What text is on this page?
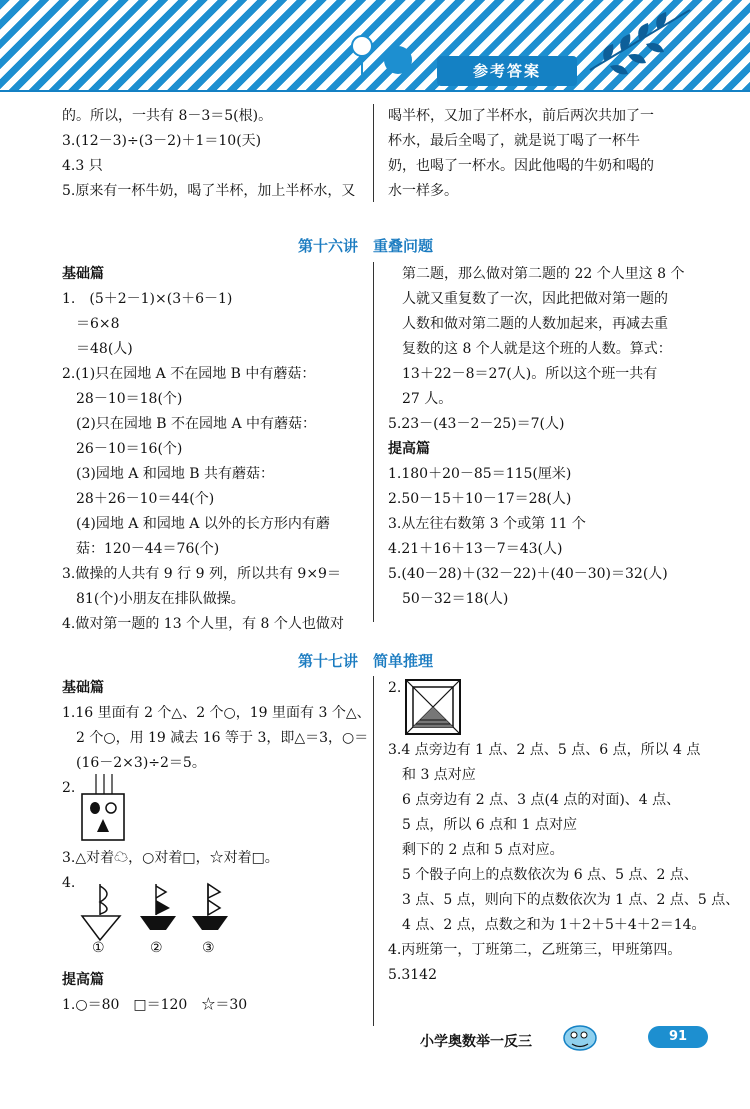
参考答案
的。所以，一共有 8－3＝5(根)。
3.(12－3)÷(3－2)＋1＝10(天)
4.3 只
5.原来有一杯牛奶，喝了半杯，加上半杯水，又
喝半杯，又加了半杯水，前后两次共加了一
杯水，最后全喝了，就是说丁喝了一杯牛
奶，也喝了一杯水。因此他喝的牛奶和喝的
水一样多。
第十六讲　重叠问题
基础篇
1.　(5＋2－1)×(3＋6－1)
　＝6×8
　＝48(人)
2.(1)只在园地 A 不在园地 B 中有蘑菇：
　28－10＝18(个)
　(2)只在园地 B 不在园地 A 中有蘑菇：
　26－10＝16(个)
　(3)园地 A 和园地 B 共有蘑菇：
　28＋26－10＝44(个)
　(4)园地 A 和园地 A 以外的长方形内有蘑
　菇：120－44＝76(个)
3.做操的人共有 9 行 9 列，所以共有 9×9＝
　81(个)小朋友在排队做操。
4.做对第一题的 13 个人里，有 8 个人也做对
　第二题，那么做对第二题的 22 个人里这 8 个
　人就又重复数了一次，因此把做对第一题的
　人数和做对第二题的人数加起来，再减去重
　复数的这 8 个人就是这个班的人数。算式：
　13＋22－8＝27(人)。所以这个班一共有
　27 人。
5.23－(43－2－25)＝7(人)
提高篇
1.180＋20－85＝115(厘米)
2.50－15＋10－17＝28(人)
3.从左往右数第 3 个或第 11 个
4.21＋16＋13－7＝43(人)
5.(40－28)＋(32－22)＋(40－30)＝32(人)
　50－32＝18(人)
第十七讲　简单推理
基础篇
1.16 里面有 2 个△、2 个○，19 里面有 3 个△、
　2 个○，用 19 减去 16 等于 3，即△＝3，○＝
　(16－2×3)÷2＝5。
2.
3.△对着☁，○对着□，☆对着□。
4.
①	②	③
提高篇
1.○＝80　□＝120　☆＝30
2.
3.4 点旁边有 1 点、2 点、5 点、6 点，所以 4 点
　和 3 点对应
　6 点旁边有 2 点、3 点(4 点的对面)、4 点、
　5 点，所以 6 点和 1 点对应
　剩下的 2 点和 5 点对应。
　5 个骰子向上的点数依次为 6 点、5 点、2 点、
　3 点、5 点，则向下的点数依次为 1 点、2 点、5 点、
　4 点、2 点，点数之和为 1＋2＋5＋4＋2＝14。
4.丙班第一，丁班第二，乙班第三，甲班第四。
5.3142
小学奥数举一反三	91
